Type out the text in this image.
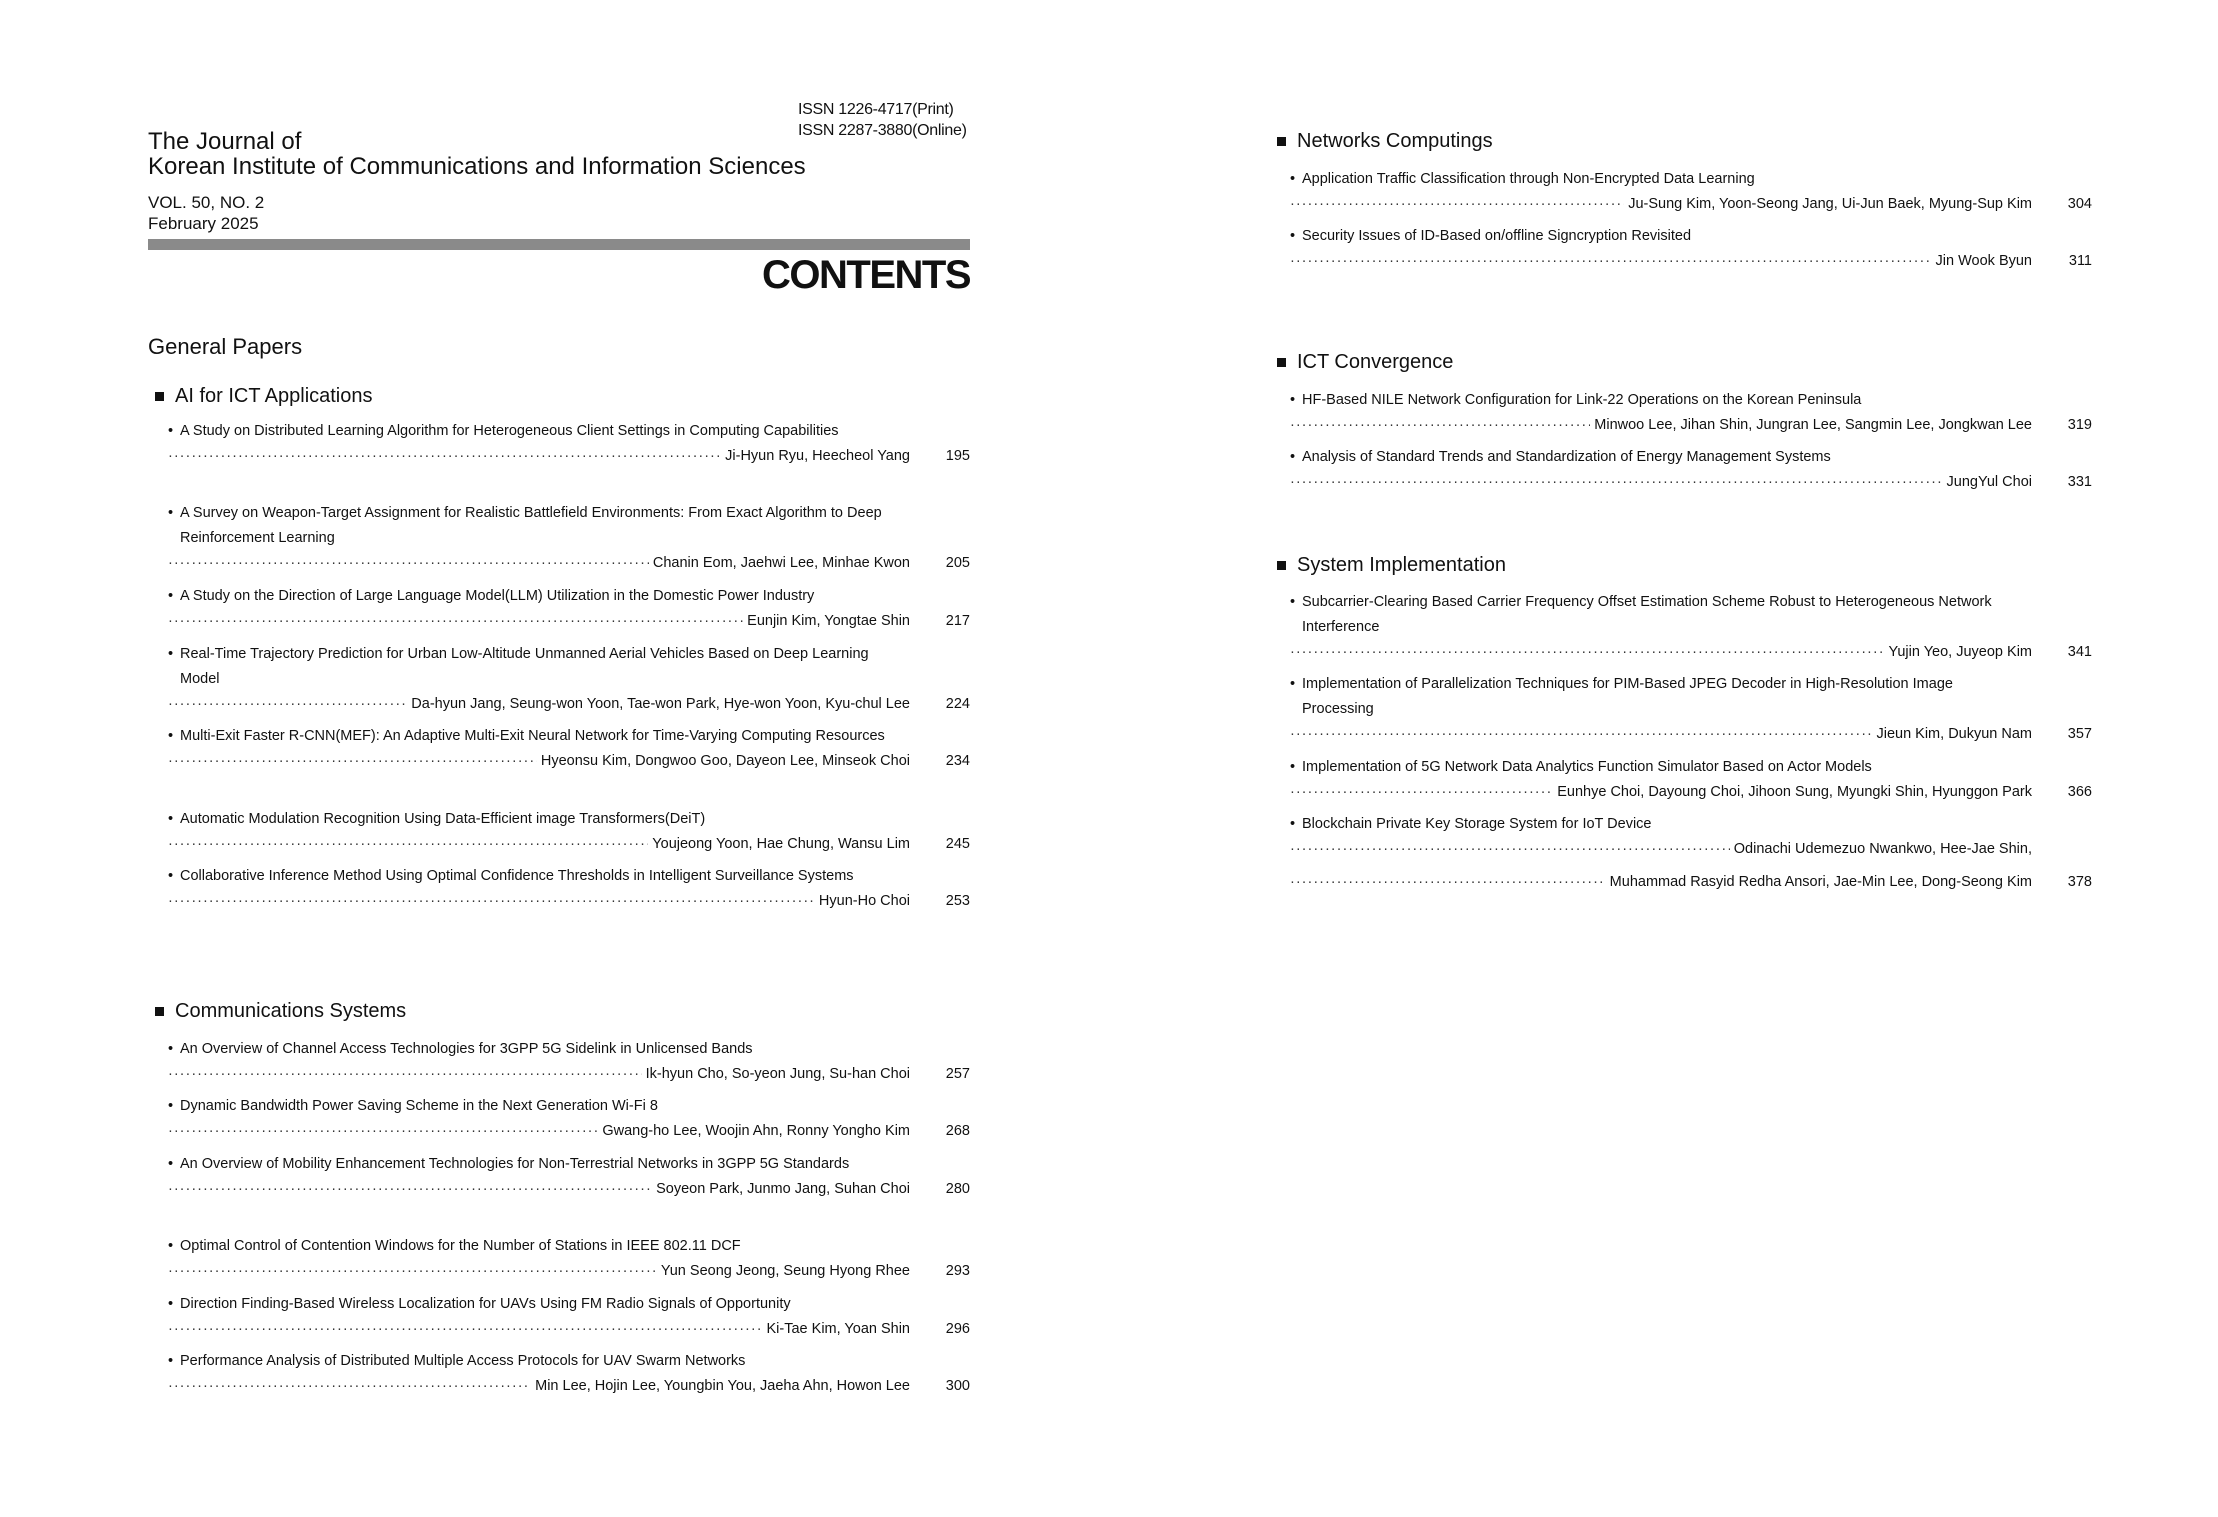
ISSN 1226-4717(Print)
ISSN 2287-3880(Online)
The Journal of
Korean Institute of Communications and Information Sciences
VOL. 50, NO. 2
February 2025
CONTENTS
General Papers
AI for ICT Applications
• A Study on Distributed Learning Algorithm for Heterogeneous Client Settings in Computing Capabilities
·····
Ji-Hyun Ryu, Heecheol Yang	195
• A Survey on Weapon-Target Assignment for Realistic Battlefield Environments: From Exact Algorithm to Deep Reinforcement Learning
·····
Chanin Eom, Jaehwi Lee, Minhae Kwon	205
• A Study on the Direction of Large Language Model(LLM) Utilization in the Domestic Power Industry
·····
Eunjin Kim, Yongtae Shin	217
• Real-Time Trajectory Prediction for Urban Low-Altitude Unmanned Aerial Vehicles Based on Deep Learning Model
·····
Da-hyun Jang, Seung-won Yoon, Tae-won Park, Hye-won Yoon, Kyu-chul Lee	224
• Multi-Exit Faster R-CNN(MEF): An Adaptive Multi-Exit Neural Network for Time-Varying Computing Resources
·····
Hyeonsu Kim, Dongwoo Goo, Dayeon Lee, Minseok Choi	234
• Automatic Modulation Recognition Using Data-Efficient image Transformers(DeiT)
·····
Youjeong Yoon, Hae Chung, Wansu Lim	245
• Collaborative Inference Method Using Optimal Confidence Thresholds in Intelligent Surveillance Systems
·····
Hyun-Ho Choi	253
Communications Systems
• An Overview of Channel Access Technologies for 3GPP 5G Sidelink in Unlicensed Bands
·····
Ik-hyun Cho, So-yeon Jung, Su-han Choi	257
• Dynamic Bandwidth Power Saving Scheme in the Next Generation Wi-Fi 8
·····
Gwang-ho Lee, Woojin Ahn, Ronny Yongho Kim	268
• An Overview of Mobility Enhancement Technologies for Non-Terrestrial Networks in 3GPP 5G Standards
·····
Soyeon Park, Junmo Jang, Suhan Choi	280
• Optimal Control of Contention Windows for the Number of Stations in IEEE 802.11 DCF
·····
Yun Seong Jeong, Seung Hyong Rhee	293
• Direction Finding-Based Wireless Localization for UAVs Using FM Radio Signals of Opportunity
·····
Ki-Tae Kim, Yoan Shin	296
• Performance Analysis of Distributed Multiple Access Protocols for UAV Swarm Networks
·····
Min Lee, Hojin Lee, Youngbin You, Jaeha Ahn, Howon Lee	300
Networks Computings
• Application Traffic Classification through Non-Encrypted Data Learning
·····
Ju-Sung Kim, Yoon-Seong Jang, Ui-Jun Baek, Myung-Sup Kim	304
• Security Issues of ID-Based on/offline Signcryption Revisited
·····
Jin Wook Byun	311
ICT Convergence
• HF-Based NILE Network Configuration for Link-22 Operations on the Korean Peninsula
·····
Minwoo Lee, Jihan Shin, Jungran Lee, Sangmin Lee, Jongkwan Lee	319
• Analysis of Standard Trends and Standardization of Energy Management Systems
·····
JungYul Choi	331
System Implementation
• Subcarrier-Clearing Based Carrier Frequency Offset Estimation Scheme Robust to Heterogeneous Network Interference
·····
Yujin Yeo, Juyeop Kim	341
• Implementation of Parallelization Techniques for PIM-Based JPEG Decoder in High-Resolution Image Processing
·····
Jieun Kim, Dukyun Nam	357
• Implementation of 5G Network Data Analytics Function Simulator Based on Actor Models
·····
Eunhye Choi, Dayoung Choi, Jihoon Sung, Myungki Shin, Hyunggon Park	366
• Blockchain Private Key Storage System for IoT Device
·····
Odinachi Udemezuo Nwankwo, Hee-Jae Shin,
·····
Muhammad Rasyid Redha Ansori, Jae-Min Lee, Dong-Seong Kim	378
